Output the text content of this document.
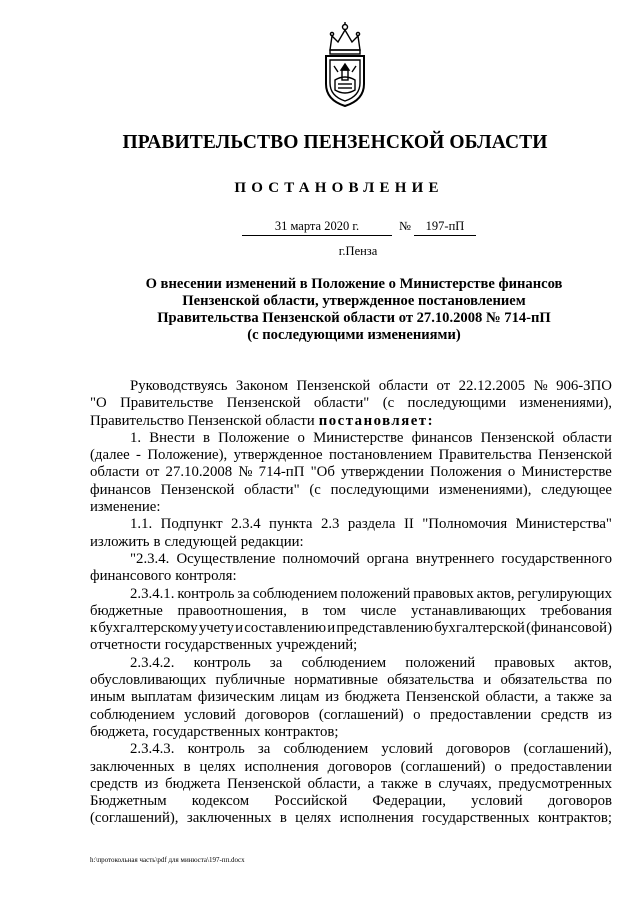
ПРАВИТЕЛЬСТВО ПЕНЗЕНСКОЙ ОБЛАСТИ
ПОСТАНОВЛЕНИЕ
31 марта 2020 г.	№	197-пП
г.Пенза
О внесении изменений в Положение о Министерстве финансов
Пензенской области, утвержденное постановлением
Правительства Пензенской области от 27.10.2008 № 714-пП
(с последующими изменениями)
Руководствуясь Законом Пензенской области от 22.12.2005 № 906-ЗПО
"О Правительстве Пензенской области" (с последующими изменениями),
Правительство Пензенской области постановляет:
1. Внести в Положение о Министерстве финансов Пензенской области
(далее - Положение), утвержденное постановлением Правительства Пензенской
области от 27.10.2008 № 714-пП "Об утверждении Положения о Министерстве
финансов Пензенской области" (с последующими изменениями), следующее
изменение:
1.1. Подпункт 2.3.4 пункта 2.3 раздела II "Полномочия Министерства"
изложить в следующей редакции:
"2.3.4. Осуществление полномочий органа внутреннего государственного
финансового контроля:
2.3.4.1. контроль за соблюдением положений правовых актов, регулирующих
бюджетные правоотношения, в том числе устанавливающих требования
к бухгалтерскому учету и составлению и представлению бухгалтерской (финансовой)
отчетности государственных учреждений;
2.3.4.2. контроль за соблюдением положений правовых актов,
обусловливающих публичные нормативные обязательства и обязательства по
иным выплатам физическим лицам из бюджета Пензенской области, а также за
соблюдением условий договоров (соглашений) о предоставлении средств из
бюджета, государственных контрактов;
2.3.4.3. контроль за соблюдением условий договоров (соглашений),
заключенных в целях исполнения договоров (соглашений) о предоставлении
средств из бюджета Пензенской области, а также в случаях, предусмотренных
Бюджетным кодексом Российской Федерации, условий договоров
(соглашений), заключенных в целях исполнения государственных контрактов;
h:\протокольная часть\pdf для минюста\197-пп.docx
